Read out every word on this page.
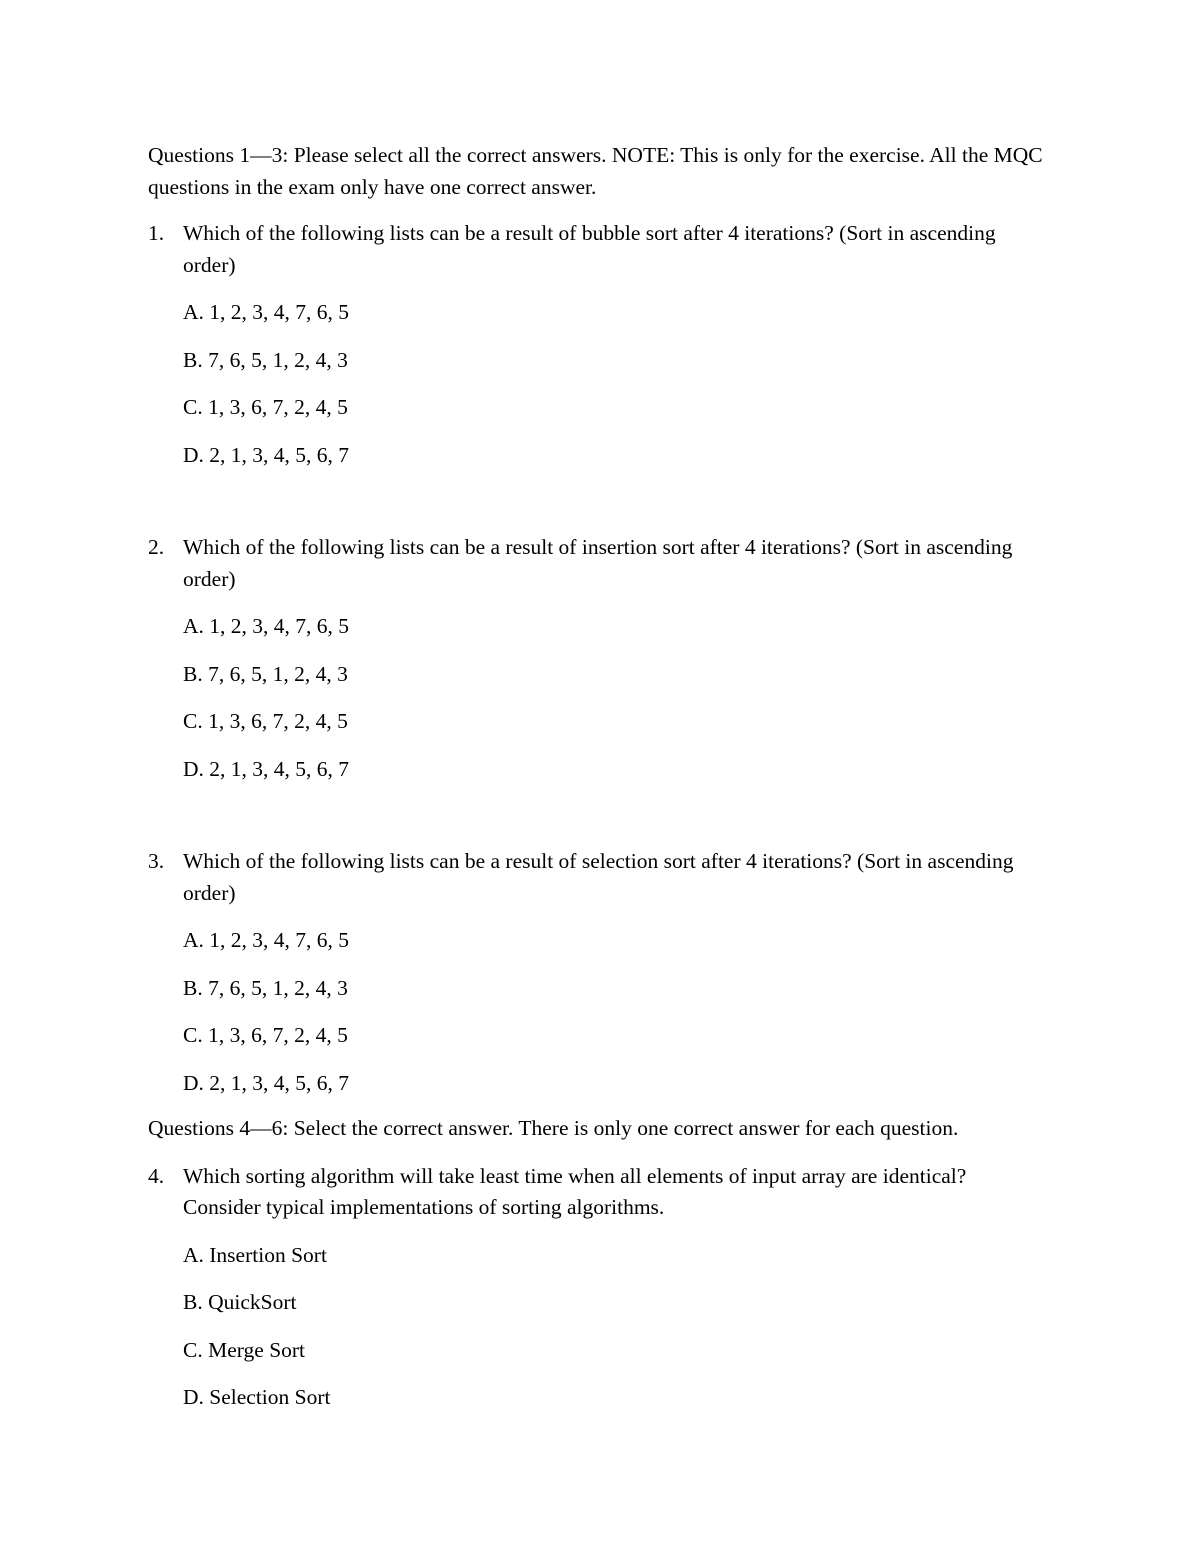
Questions 1—3: Please select all the correct answers. NOTE: This is only for the exercise. All the MQC questions in the exam only have one correct answer.

1. Which of the following lists can be a result of bubble sort after 4 iterations? (Sort in ascending order)
A. 1, 2, 3, 4, 7, 6, 5
B. 7, 6, 5, 1, 2, 4, 3
C. 1, 3, 6, 7, 2, 4, 5
D. 2, 1, 3, 4, 5, 6, 7
2. Which of the following lists can be a result of insertion sort after 4 iterations? (Sort in ascending order)
A. 1, 2, 3, 4, 7, 6, 5
B. 7, 6, 5, 1, 2, 4, 3
C. 1, 3, 6, 7, 2, 4, 5
D. 2, 1, 3, 4, 5, 6, 7
3. Which of the following lists can be a result of selection sort after 4 iterations? (Sort in ascending order)
A. 1, 2, 3, 4, 7, 6, 5
B. 7, 6, 5, 1, 2, 4, 3
C. 1, 3, 6, 7, 2, 4, 5
D. 2, 1, 3, 4, 5, 6, 7

Questions 4—6: Select the correct answer. There is only one correct answer for each question.

4. Which sorting algorithm will take least time when all elements of input array are identical? Consider typical implementations of sorting algorithms.
A. Insertion Sort
B. QuickSort
C. Merge Sort
D. Selection Sort
